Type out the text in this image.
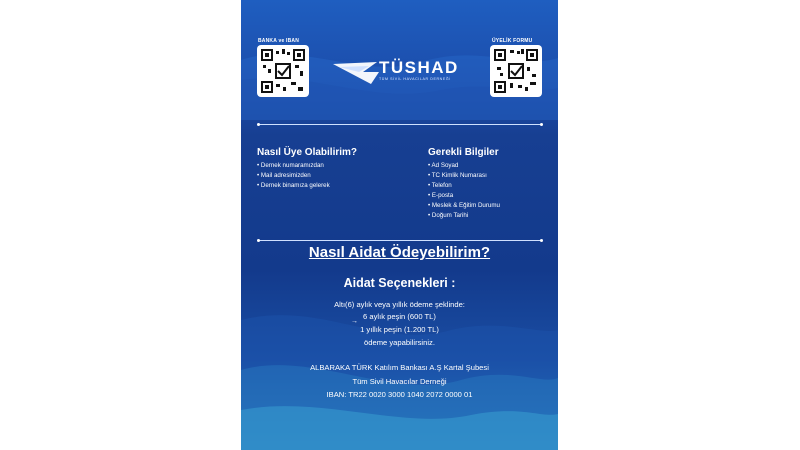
BANKA ve IBAN	ÜYELİK FORMU
TÜSHAD
TÜM SİVİL HAVACILAR DERNEĞİ
Nasıl Üye Olabilirim?
• Dernek numaramızdan
• Mail adresimizden
• Dernek binamıza gelerek
Gerekli Bilgiler
• Ad Soyad
• TC Kimlik Numarası
• Telefon
• E-posta
• Meslek & Eğitim Durumu
• Doğum Tarihi
Nasıl Aidat Ödeyebilirim?
Aidat Seçenekleri :
Altı(6) aylık veya yıllık ödeme şeklinde:
6 aylık peşin (600 TL)
→
1 yıllık peşin (1.200 TL)
ödeme yapabilirsiniz.
ALBARAKA TÜRK Katılım Bankası A.Ş Kartal Şubesi
Tüm Sivil Havacılar Derneği
IBAN: TR22 0020 3000 1040 2072 0000 01
